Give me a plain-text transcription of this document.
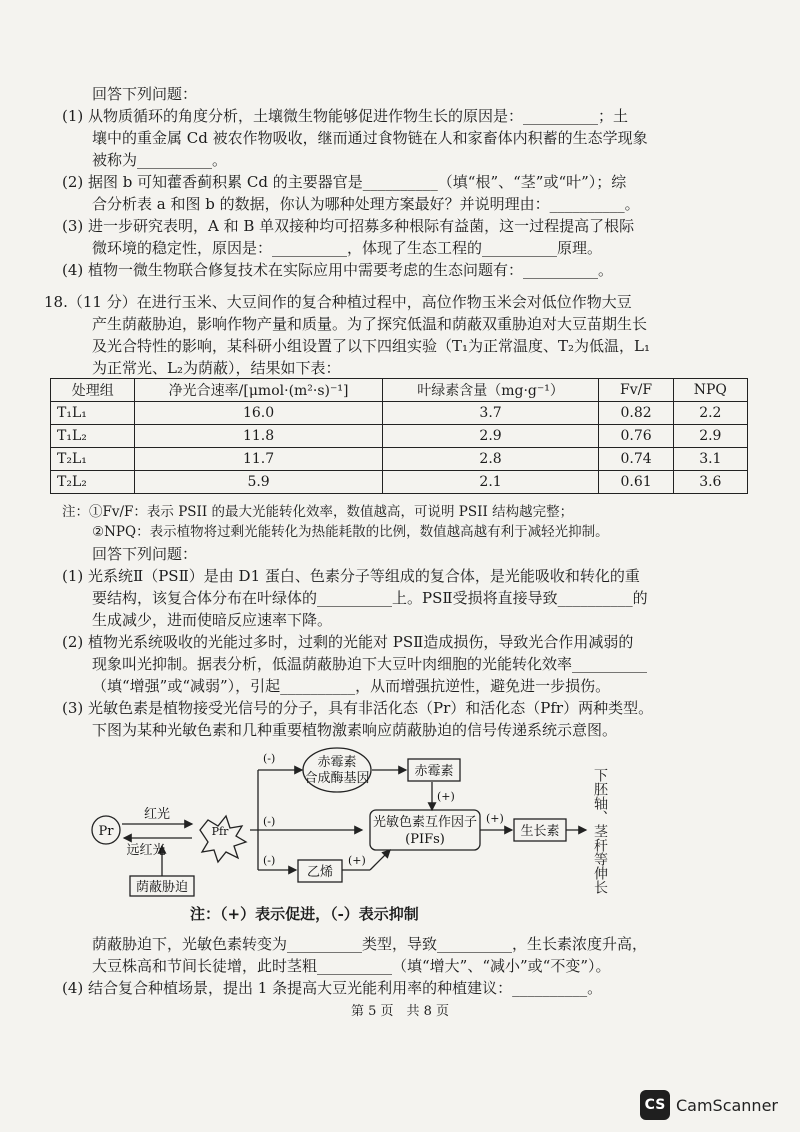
回答下列问题：
(1) 从物质循环的角度分析，土壤微生物能够促进作物生长的原因是：__________；土
壤中的重金属 Cd 被农作物吸收，继而通过食物链在人和家畜体内积蓄的生态学现象
被称为__________。
(2) 据图 b 可知藿香蓟积累 Cd 的主要器官是__________（填“根”、“茎”或“叶”）；综
合分析表 a 和图 b 的数据，你认为哪种处理方案最好？并说明理由：__________。
(3) 进一步研究表明，A 和 B 单双接种均可招募多种根际有益菌，这一过程提高了根际
微环境的稳定性，原因是：__________，体现了生态工程的__________原理。
(4) 植物一微生物联合修复技术在实际应用中需要考虑的生态问题有：__________。
18.（11 分）在进行玉米、大豆间作的复合种植过程中，高位作物玉米会对低位作物大豆
产生荫蔽胁迫，影响作物产量和质量。为了探究低温和荫蔽双重胁迫对大豆苗期生长
及光合特性的影响，某科研小组设置了以下四组实验（T₁为正常温度、T₂为低温，L₁
为正常光、L₂为荫蔽），结果如下表：
处理组	净光合速率/[μmol·(m²·s)⁻¹]	叶绿素含量（mg·g⁻¹）	Fv/F	NPQ
T₁L₁	16.0	3.7	0.82	2.2
T₁L₂	11.8	2.9	0.76	2.9
T₂L₁	11.7	2.8	0.74	3.1
T₂L₂	5.9	2.1	0.61	3.6
注：①Fv/F：表示 PSII 的最大光能转化效率，数值越高，可说明 PSII 结构越完整；
②NPQ：表示植物将过剩光能转化为热能耗散的比例，数值越高越有利于减轻光抑制。
回答下列问题：
(1) 光系统Ⅱ（PSⅡ）是由 D1 蛋白、色素分子等组成的复合体，是光能吸收和转化的重
要结构，该复合体分布在叶绿体的__________上。PSⅡ受损将直接导致__________的
生成减少，进而使暗反应速率下降。
(2) 植物光系统吸收的光能过多时，过剩的光能对 PSⅡ造成损伤，导致光合作用减弱的
现象叫光抑制。据表分析，低温荫蔽胁迫下大豆叶肉细胞的光能转化效率__________
（填“增强”或“减弱”），引起__________，从而增强抗逆性，避免进一步损伤。
(3) 光敏色素是植物接受光信号的分子，具有非活化态（Pr）和活化态（Pfr）两种类型。
下图为某种光敏色素和几种重要植物激素响应荫蔽胁迫的信号传递系统示意图。
Pr	Pfr
红光
远红光
荫蔽胁迫
赤霉素
合成酶基因	赤霉素
光敏色素互作因子
(PIFs)
乙烯
生长素
(-)
(-)
(-)
(+)
(+)
(+)	下胚轴、茎秆等伸长
注：（+）表示促进，（-）表示抑制
荫蔽胁迫下，光敏色素转变为__________类型，导致__________，生长素浓度升高，
大豆株高和节间长徒增，此时茎粗__________（填“增大”、“减小”或“不变”）。
(4) 结合复合种植场景，提出 1 条提高大豆光能利用率的种植建议：__________。
第 5 页　共 8 页
CS CamScanner
